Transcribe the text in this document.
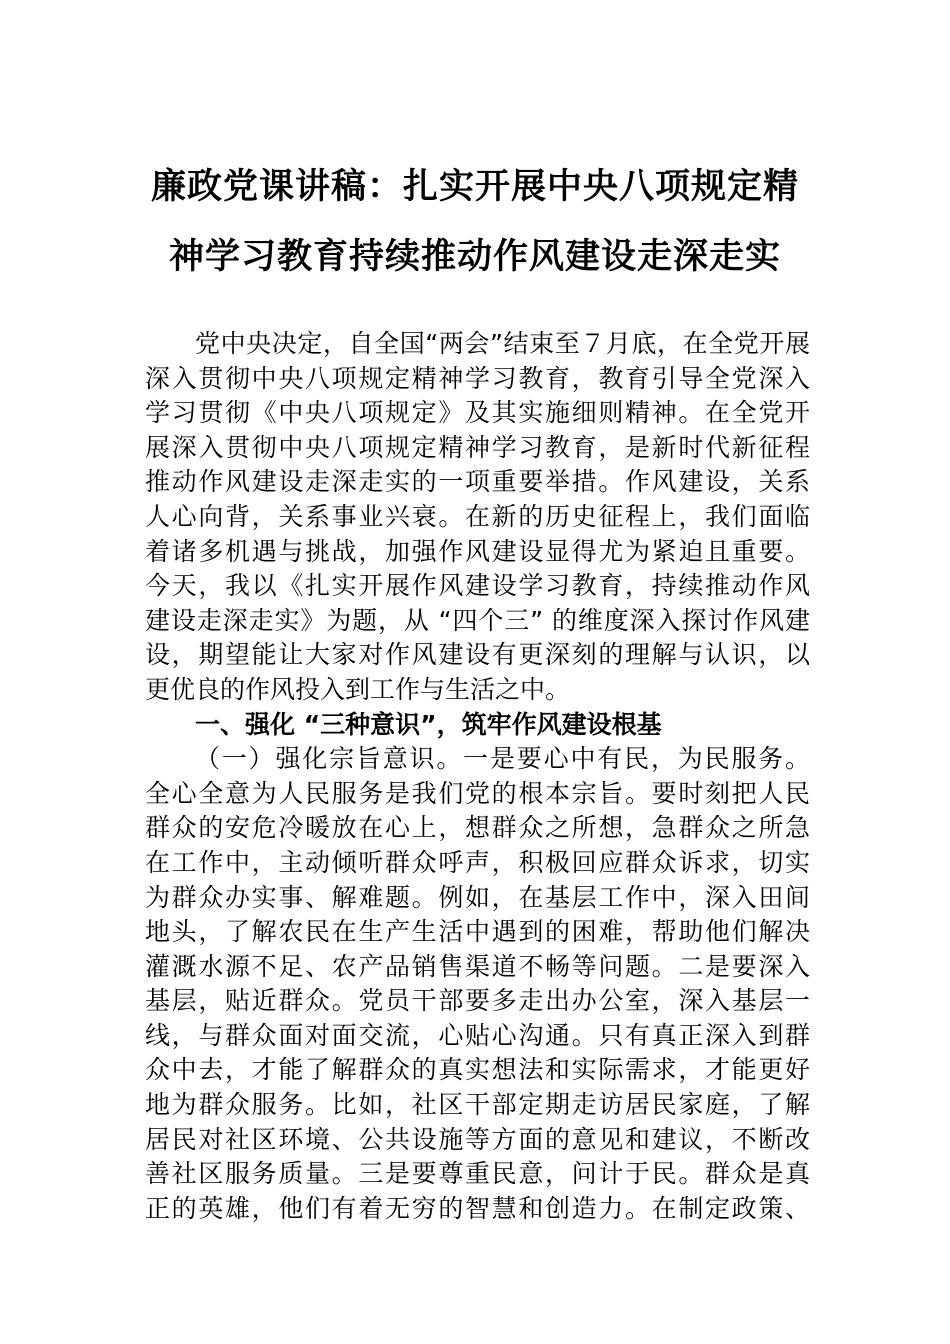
廉政党课讲稿：扎实开展中央八项规定精
神学习教育持续推动作风建设走深走实
党中央决定，自全国“两会”结束至７月底，在全党开展
深入贯彻中央八项规定精神学习教育，教育引导全党深入
学习贯彻《中央八项规定》及其实施细则精神。在全党开
展深入贯彻中央八项规定精神学习教育，是新时代新征程
推动作风建设走深走实的一项重要举措。作风建设，关系
人心向背，关系事业兴衰。在新的历史征程上，我们面临
着诸多机遇与挑战，加强作风建设显得尤为紧迫且重要。
今天，我以《扎实开展作风建设学习教育，持续推动作风
建设走深走实》为题，从 “四个三” 的维度深入探讨作风建
设，期望能让大家对作风建设有更深刻的理解与认识，以
更优良的作风投入到工作与生活之中。
一、强化 “三种意识”，筑牢作风建设根基
（一）强化宗旨意识。一是要心中有民，为民服务。
全心全意为人民服务是我们党的根本宗旨。要时刻把人民
群众的安危冷暖放在心上，想群众之所想，急群众之所急
在工作中，主动倾听群众呼声，积极回应群众诉求，切实
为群众办实事、解难题。例如，在基层工作中，深入田间
地头，了解农民在生产生活中遇到的困难，帮助他们解决
灌溉水源不足、农产品销售渠道不畅等问题。二是要深入
基层，贴近群众。党员干部要多走出办公室，深入基层一
线，与群众面对面交流，心贴心沟通。只有真正深入到群
众中去，才能了解群众的真实想法和实际需求，才能更好
地为群众服务。比如，社区干部定期走访居民家庭，了解
居民对社区环境、公共设施等方面的意见和建议，不断改
善社区服务质量。三是要尊重民意，问计于民。群众是真
正的英雄，他们有着无穷的智慧和创造力。在制定政策、
